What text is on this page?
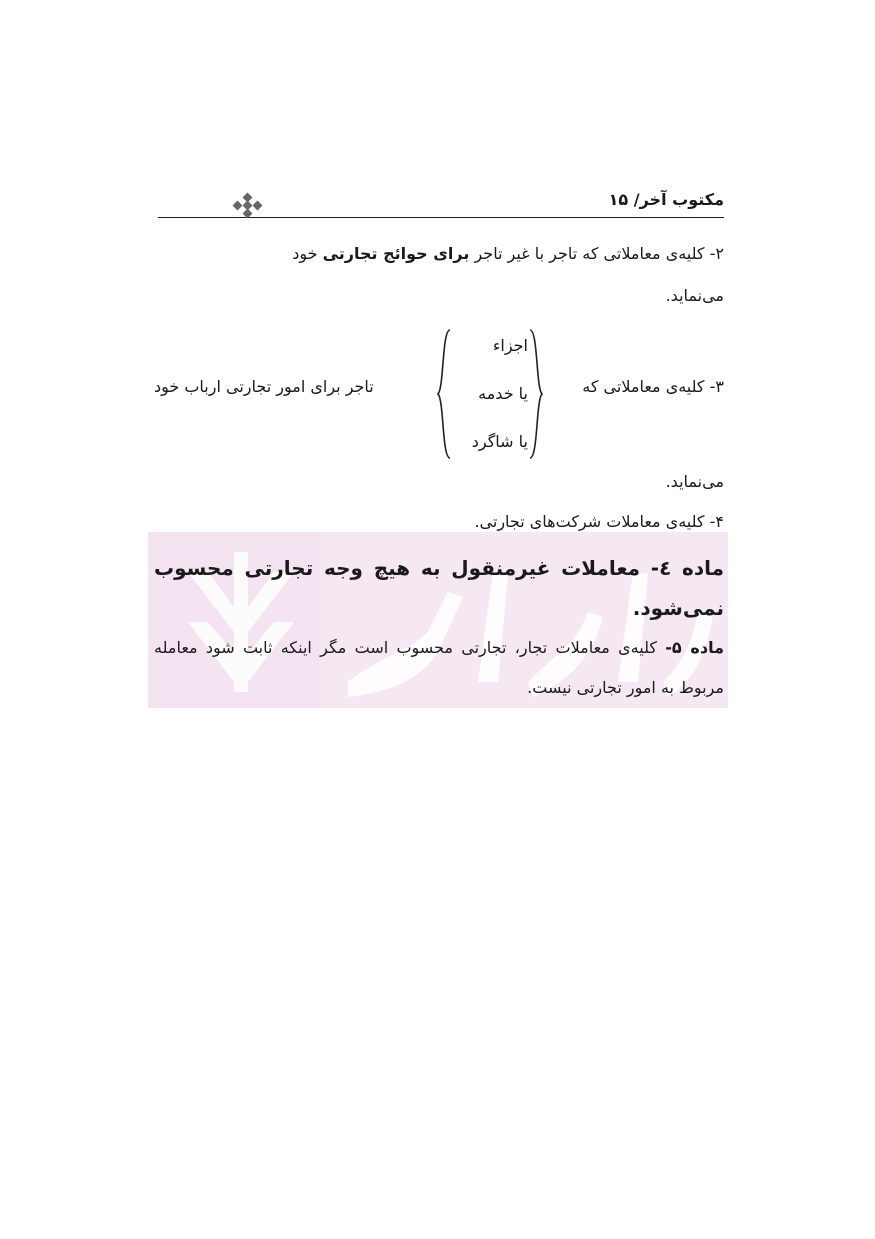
مکتوب آخر/ ۱۵
۲- کلیه‌ی معاملاتی که تاجر با غیر تاجر برای حوائج تجارتی خود
می‌نماید.
۳- کلیه‌ی معاملاتی که
اجزاء
یا خدمه
یا شاگرد
تاجر برای امور تجارتی ارباب خود
می‌نماید.
۴- کلیه‌ی معاملات شرکت‌های تجارتی.
ماده ٤- معاملات غیرمنقول به هیچ وجه تجارتی محسوب نمی‌شود.
ماده ۵- کلیه‌ی معاملات تجار، تجارتی محسوب است مگر اینکه ثابت شود معامله مربوط به امور تجارتی نیست.
